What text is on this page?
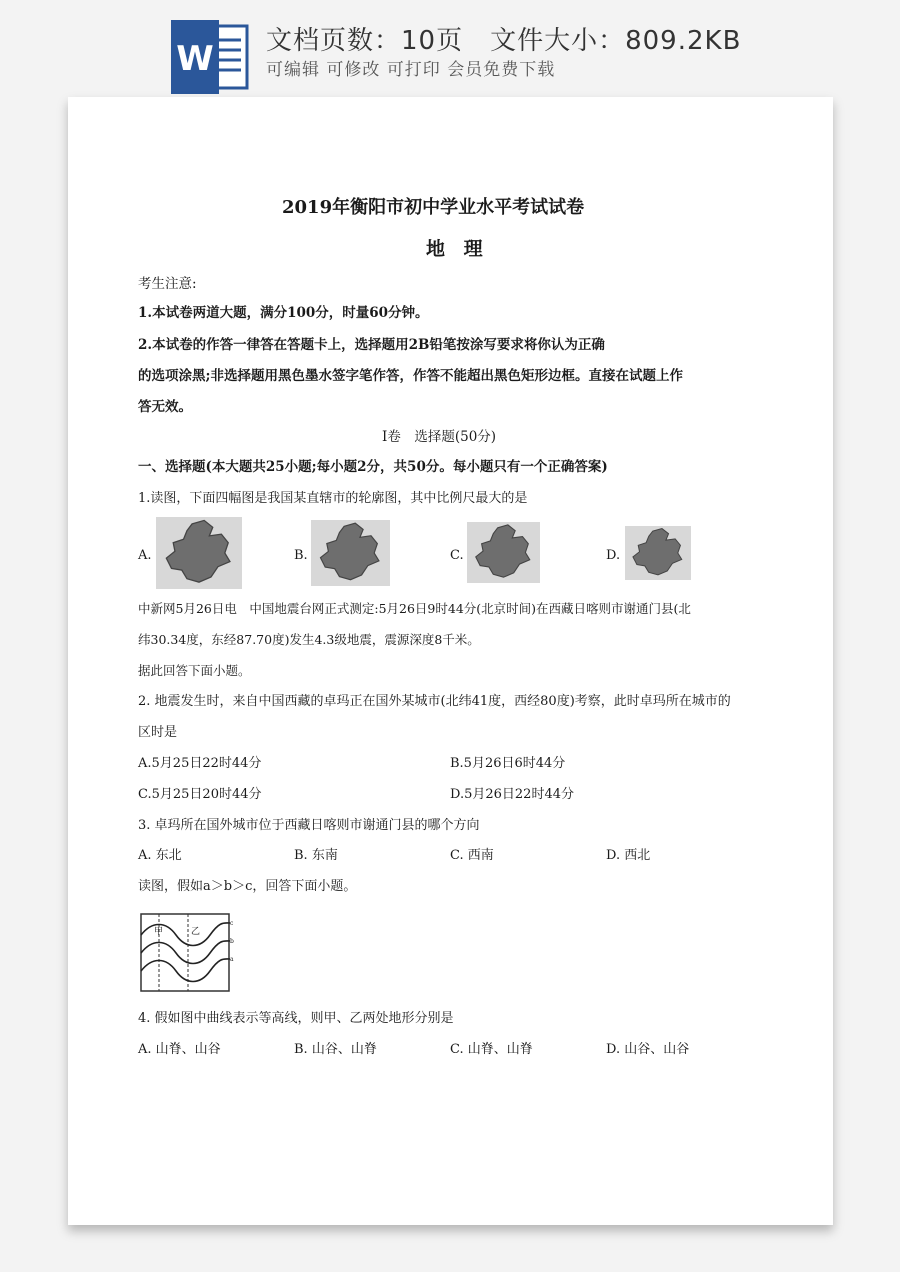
W 文档页数：10页　文件大小：809.2KB
可编辑 可修改 可打印 会员免费下载
2019年衡阳市初中学业水平考试试卷
地 理
考生注意:
1.本试卷两道大题，满分100分，时量60分钟。
2.本试卷的作答一律答在答题卡上，选择题用2B铅笔按涂写要求将你认为正确
的选项涂黑;非选择题用黑色墨水签字笔作答，作答不能超出黑色矩形边框。直接在试题上作
答无效。
Ⅰ卷　选择题(50分)
一、选择题(本大题共25小题;每小题2分，共50分。每小题只有一个正确答案)
1.读图，下面四幅图是我国某直辖市的轮廓图，其中比例尺最大的是
A.	B.	C.	D.
中新网5月26日电　中国地震台网正式测定:5月26日9时44分(北京时间)在西藏日喀则市谢通门县(北
纬30.34度，东经87.70度)发生4.3级地震，震源深度8千米。
据此回答下面小题。
2. 地震发生时，来自中国西藏的卓玛正在国外某城市(北纬41度，西经80度)考察，此时卓玛所在城市的
区时是
A.5月25日22时44分	B.5月26日6时44分
C.5月25日20时44分	D.5月26日22时44分
3. 卓玛所在国外城市位于西藏日喀则市谢通门县的哪个方向
A. 东北	B. 东南	C. 西南	D. 西北
读图，假如a＞b＞c，回答下面小题。
甲	乙
c
b
a
4. 假如图中曲线表示等高线，则甲、乙两处地形分别是
A. 山脊、山谷	B. 山谷、山脊	C. 山脊、山脊	D. 山谷、山谷
